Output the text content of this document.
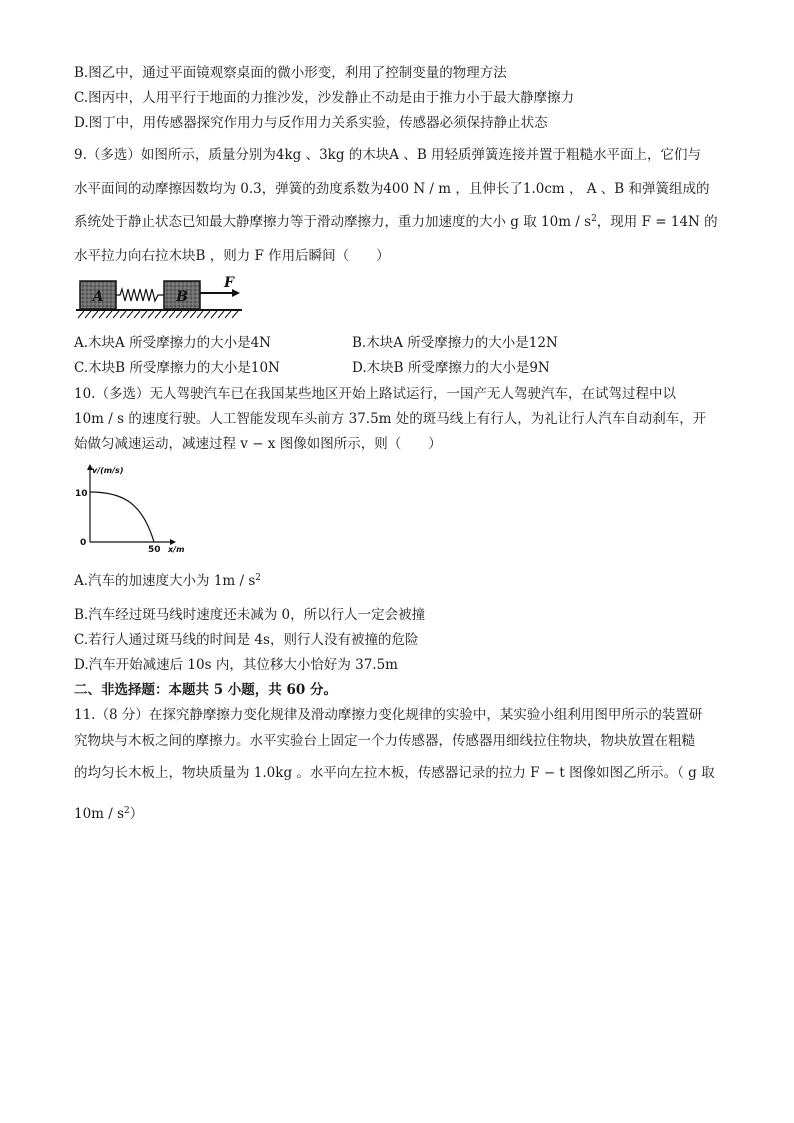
B.图乙中，通过平面镜观察桌面的微小形变，利用了控制变量的物理方法
C.图丙中，人用平行于地面的力推沙发，沙发静止不动是由于推力小于最大静摩擦力
D.图丁中，用传感器探究作用力与反作用力关系实验，传感器必须保持静止状态
9.（多选）如图所示，质量分别为4kg 、3kg 的木块A 、B 用轻质弹簧连接并置于粗糙水平面上，它们与
水平面间的动摩擦因数均为 0.3，弹簧的劲度系数为400 N / m ，且伸长了1.0cm ， A 、B 和弹簧组成的
系统处于静止状态已知最大静摩擦力等于滑动摩擦力，重力加速度的大小 g 取 $10m / s^2$，现用 F = 14N 的
水平拉力向右拉木块B ，则力 F 作用后瞬间（　　）
A	B
F
A.木块A 所受摩擦力的大小是4N	B.木块A 所受摩擦力的大小是12N
C.木块B 所受摩擦力的大小是10N	D.木块B 所受摩擦力的大小是9N
10.（多选）无人驾驶汽车已在我国某些地区开始上路试运行，一国产无人驾驶汽车，在试驾过程中以
10m / s 的速度行驶。人工智能发现车头前方 37.5m 处的斑马线上有行人，为礼让行人汽车自动刹车，开
始做匀减速运动，减速过程 v − x 图像如图所示，则（　　）
v/(m/s)
10
0
50 x/m
A.汽车的加速度大小为 $1m / s^2$
B.汽车经过斑马线时速度还未减为 0，所以行人一定会被撞
C.若行人通过斑马线的时间是 4s，则行人没有被撞的危险
D.汽车开始减速后 10s 内，其位移大小恰好为 37.5m
二、非选择题：本题共 5 小题，共 60 分。
11.（8 分）在探究静摩擦力变化规律及滑动摩擦力变化规律的实验中，某实验小组利用图甲所示的装置研
究物块与木板之间的摩擦力。水平实验台上固定一个力传感器，传感器用细线拉住物块，物块放置在粗糙
的均匀长木板上，物块质量为 1.0kg 。水平向左拉木板，传感器记录的拉力 F − t 图像如图乙所示。（ g 取
$10m / s^2$）
